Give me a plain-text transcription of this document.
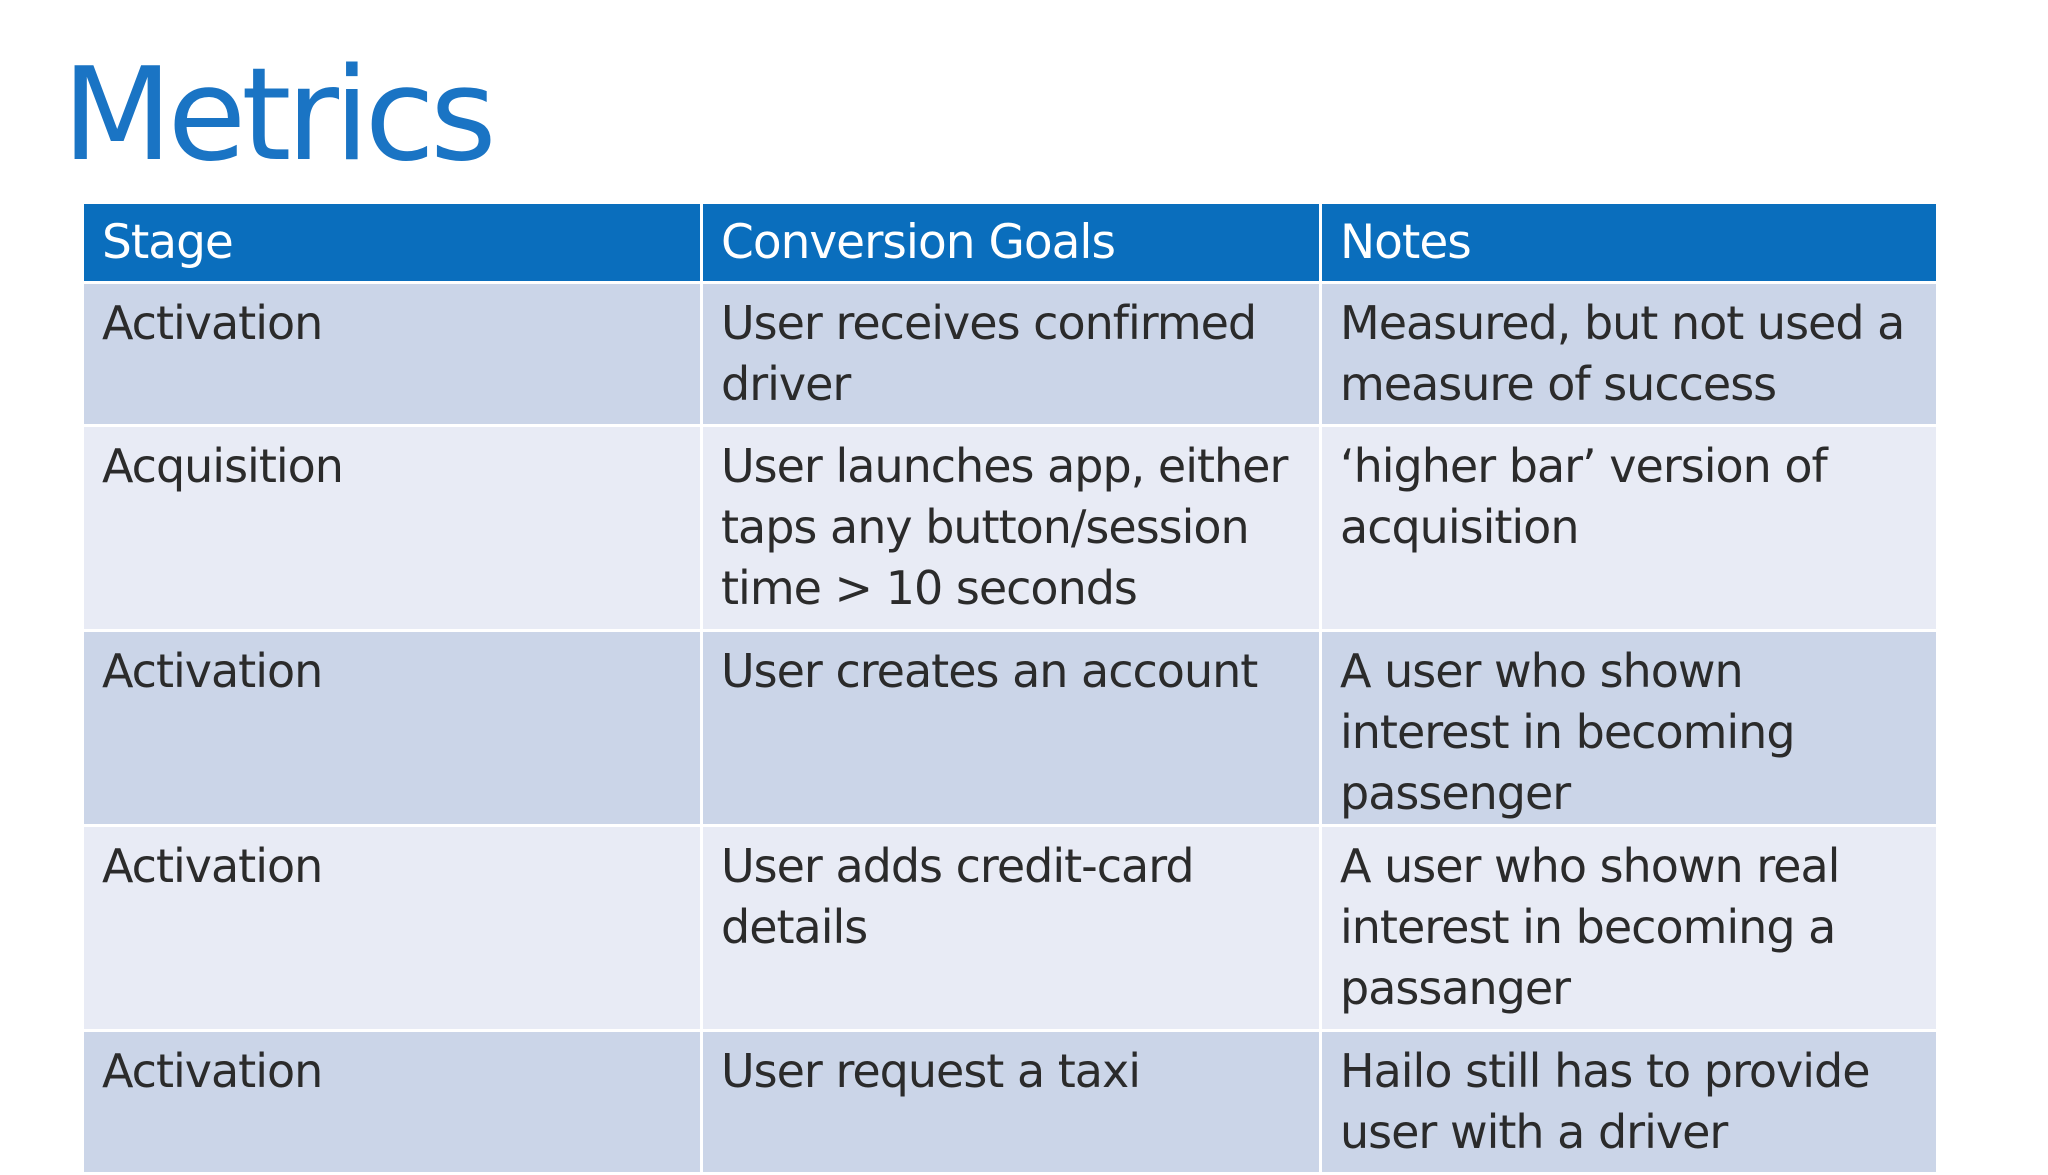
Metrics
Stage	Conversion Goals	Notes
Activation	User receives confirmed driver	Measured, but not used a measure of success
Acquisition	User launches app, either taps any button/session time > 10 seconds	‘higher bar’ version of acquisition
Activation	User creates an account	A user who shown interest in becoming passenger
Activation	User adds credit-card details	A user who shown real interest in becoming a passanger
Activation	User request a taxi	Hailo still has to provide user with a driver
